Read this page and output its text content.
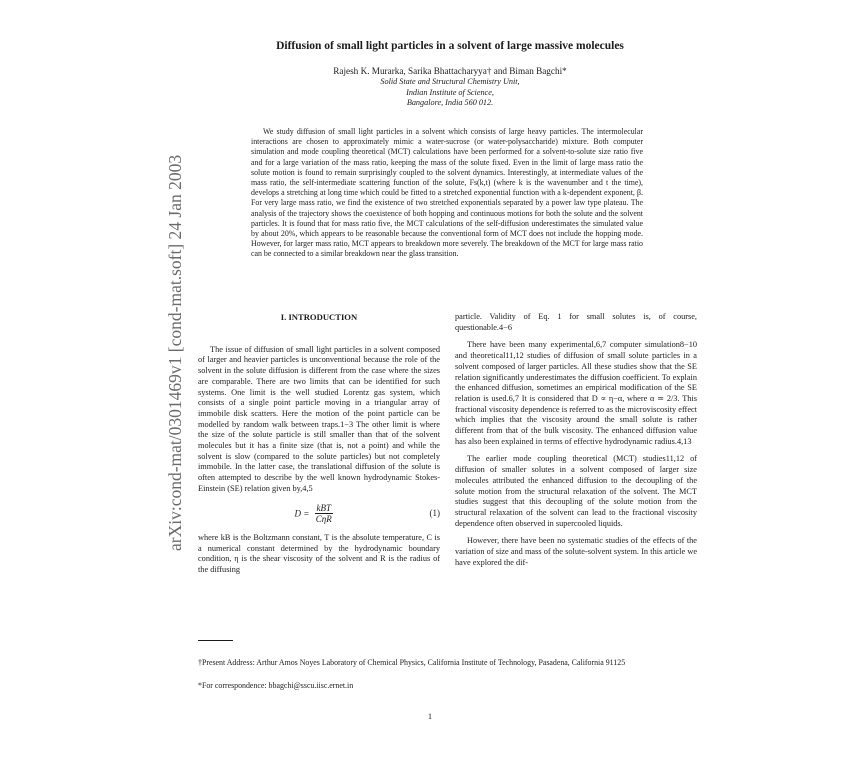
arXiv:cond-mat/0301469v1 [cond-mat.soft] 24 Jan 2003
Diffusion of small light particles in a solvent of large massive molecules
Rajesh K. Murarka, Sarika Bhattacharyya† and Biman Bagchi*
Solid State and Structural Chemistry Unit,
Indian Institute of Science,
Bangalore, India 560 012.
We study diffusion of small light particles in a solvent which consists of large heavy particles. The intermolecular interactions are chosen to approximately mimic a water-sucrose (or water-polysaccharide) mixture. Both computer simulation and mode coupling theoretical (MCT) calculations have been performed for a solvent-to-solute size ratio five and for a large variation of the mass ratio, keeping the mass of the solute fixed. Even in the limit of large mass ratio the solute motion is found to remain surprisingly coupled to the solvent dynamics. Interestingly, at intermediate values of the mass ratio, the self-intermediate scattering function of the solute, Fs(k,t) (where k is the wavenumber and t the time), develops a stretching at long time which could be fitted to a stretched exponential function with a k-dependent exponent, β. For very large mass ratio, we find the existence of two stretched exponentials separated by a power law type plateau. The analysis of the trajectory shows the coexistence of both hopping and continuous motions for both the solute and the solvent particles. It is found that for mass ratio five, the MCT calculations of the self-diffusion underestimates the simulated value by about 20%, which appears to be reasonable because the conventional form of MCT does not include the hopping mode. However, for larger mass ratio, MCT appears to breakdown more severely. The breakdown of the MCT for large mass ratio can be connected to a similar breakdown near the glass transition.
I. INTRODUCTION

The issue of diffusion of small light particles in a solvent composed of larger and heavier particles is unconventional because the role of the solvent in the solute diffusion is different from the case where the sizes are comparable. There are two limits that can be identified for such systems. One limit is the well studied Lorentz gas system, which consists of a single point particle moving in a triangular array of immobile disk scatters. Here the motion of the point particle can be modelled by random walk between traps.1−3 The other limit is where the size of the solute particle is still smaller than that of the solvent molecules but it has a finite size (that is, not a point) and while the solvent is slow (compared to the solute particles) but not completely immobile. In the latter case, the translational diffusion of the solute is often attempted to describe by the well known hydrodynamic Stokes-Einstein (SE) relation given by,4,5

$D = \frac{\text{kBT}}{\text{CηR}}$	(1)

where kB is the Boltzmann constant, T is the absolute temperature, C is a numerical constant determined by the hydrodynamic boundary condition, η is the shear viscosity of the solvent and R is the radius of the diffusing

particle. Validity of Eq. 1 for small solutes is, of course, questionable.4−6

There have been many experimental,6,7 computer simulation8−10 and theoretical11,12 studies of diffusion of small solute particles in a solvent composed of larger particles. All these studies show that the SE relation significantly underestimates the diffusion coefficient. To explain the enhanced diffusion, sometimes an empirical modification of the SE relation is used.6,7 It is considered that D ∝ η−α, where α ≃ 2/3. This fractional viscosity dependence is referred to as the microviscosity effect which implies that the viscosity around the small solute is rather different from that of the bulk viscosity. The enhanced diffusion value has also been explained in terms of effective hydrodynamic radius.4,13

The earlier mode coupling theoretical (MCT) studies11,12 of diffusion of smaller solutes in a solvent composed of larger size molecules attributed the enhanced diffusion to the decoupling of the solute motion from the structural relaxation of the solvent. The MCT studies suggest that this decoupling of the solute motion from the structural relaxation of the solvent can lead to the fractional viscosity dependence often observed in supercooled liquids.

However, there have been no systematic studies of the effects of the variation of size and mass of the solute-solvent system. In this article we have explored the dif-

†Present Address: Arthur Amos Noyes Laboratory of Chemical Physics, California Institute of Technology, Pasadena, California 91125
*For correspondence: bbagchi@sscu.iisc.ernet.in
1
